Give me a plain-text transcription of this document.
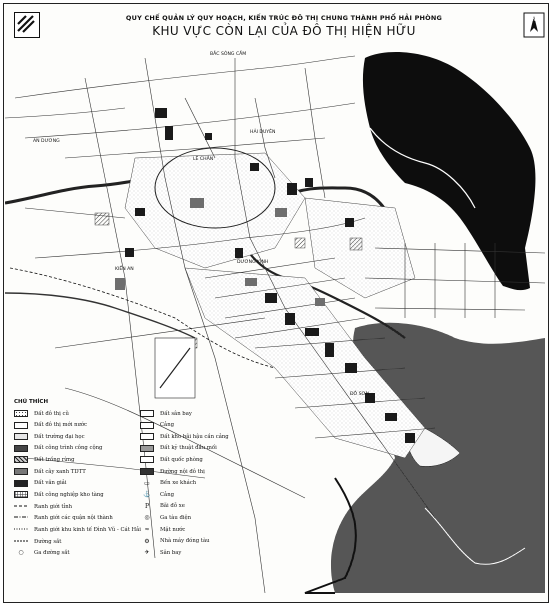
QUY CHẾ QUẢN LÝ QUY HOẠCH, KIẾN TRÚC ĐÔ THỊ CHUNG THÀNH PHỐ HẢI PHÒNG
KHU VỰC CÒN LẠI CỦA ĐÔ THỊ HIỆN HỮU
N
BẮC SÔNG CẤM
AN DƯƠNG
HẢI DUYÊN
LÊ CHÂN
DƯƠNG KINH
KIẾN AN
ĐỒ SƠN
CHÚ THÍCH
Đất đô thị cũ
Đất đô thị mới nước
Đất trường đại học
Đất công trình công cộng
Đất trồng rừng
Đất cây xanh TDTT
Đất văn giải
Đất công nghiệp kho tàng
Ranh giới tỉnh
Ranh giới các quận nội thành
Ranh giới khu kinh tế Đình Vũ - Cát Hải
Đường sắt
○	Ga đường sắt
Đất sân bay
Cảng
Đất kho bãi hậu cần cảng
Đất kỹ thuật đầu mối
Đất quốc phòng
Đường nội đô thị
▭	Bến xe khách
⚓	Cảng
P	Bãi đỗ xe
◎	Ga tàu điện
≈	Mặt nước
⚙	Nhà máy đóng tàu
✈	Sân bay
